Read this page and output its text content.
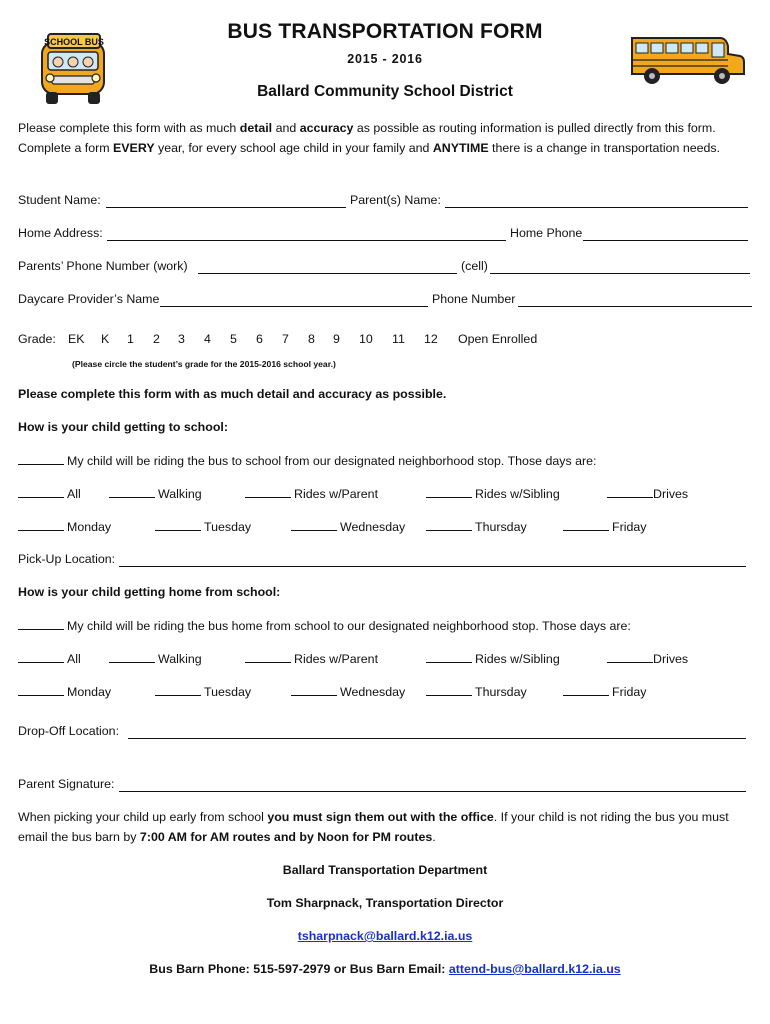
SCHOOL BUS	BUS TRANSPORTATION FORM
2015 - 2016
Ballard Community School District
Please complete this form with as much detail and accuracy as possible as routing information is pulled directly from this form.
Complete a form EVERY year, for every school age child in your family and ANYTIME there is a change in transportation needs.
Student Name:	Parent(s) Name:
Home Address:	Home Phone
Parents’ Phone Number (work)	(cell)
Daycare Provider’s Name	Phone Number
Grade: EK K 1 2 3 4 5 6 7 8 9 10 11 12 Open Enrolled
(Please circle the student’s grade for the 2015-2016 school year.)
Please complete this form with as much detail and accuracy as possible.
How is your child getting to school:
My child will be riding the bus to school from our designated neighborhood stop. Those days are:
All	Walking	Rides w/Parent	Rides w/Sibling	Drives
Monday	Tuesday	Wednesday	Thursday	Friday
Pick-Up Location:
How is your child getting home from school:
My child will be riding the bus home from school to our designated neighborhood stop. Those days are:
All	Walking	Rides w/Parent	Rides w/Sibling	Drives
Monday	Tuesday	Wednesday	Thursday	Friday
Drop-Off Location:
Parent Signature:
When picking your child up early from school you must sign them out with the office. If your child is not riding the bus you must
email the bus barn by 7:00 AM for AM routes and by Noon for PM routes.
Ballard Transportation Department
Tom Sharpnack, Transportation Director
tsharpnack@ballard.k12.ia.us
Bus Barn Phone: 515-597-2979 or Bus Barn Email: attend-bus@ballard.k12.ia.us
